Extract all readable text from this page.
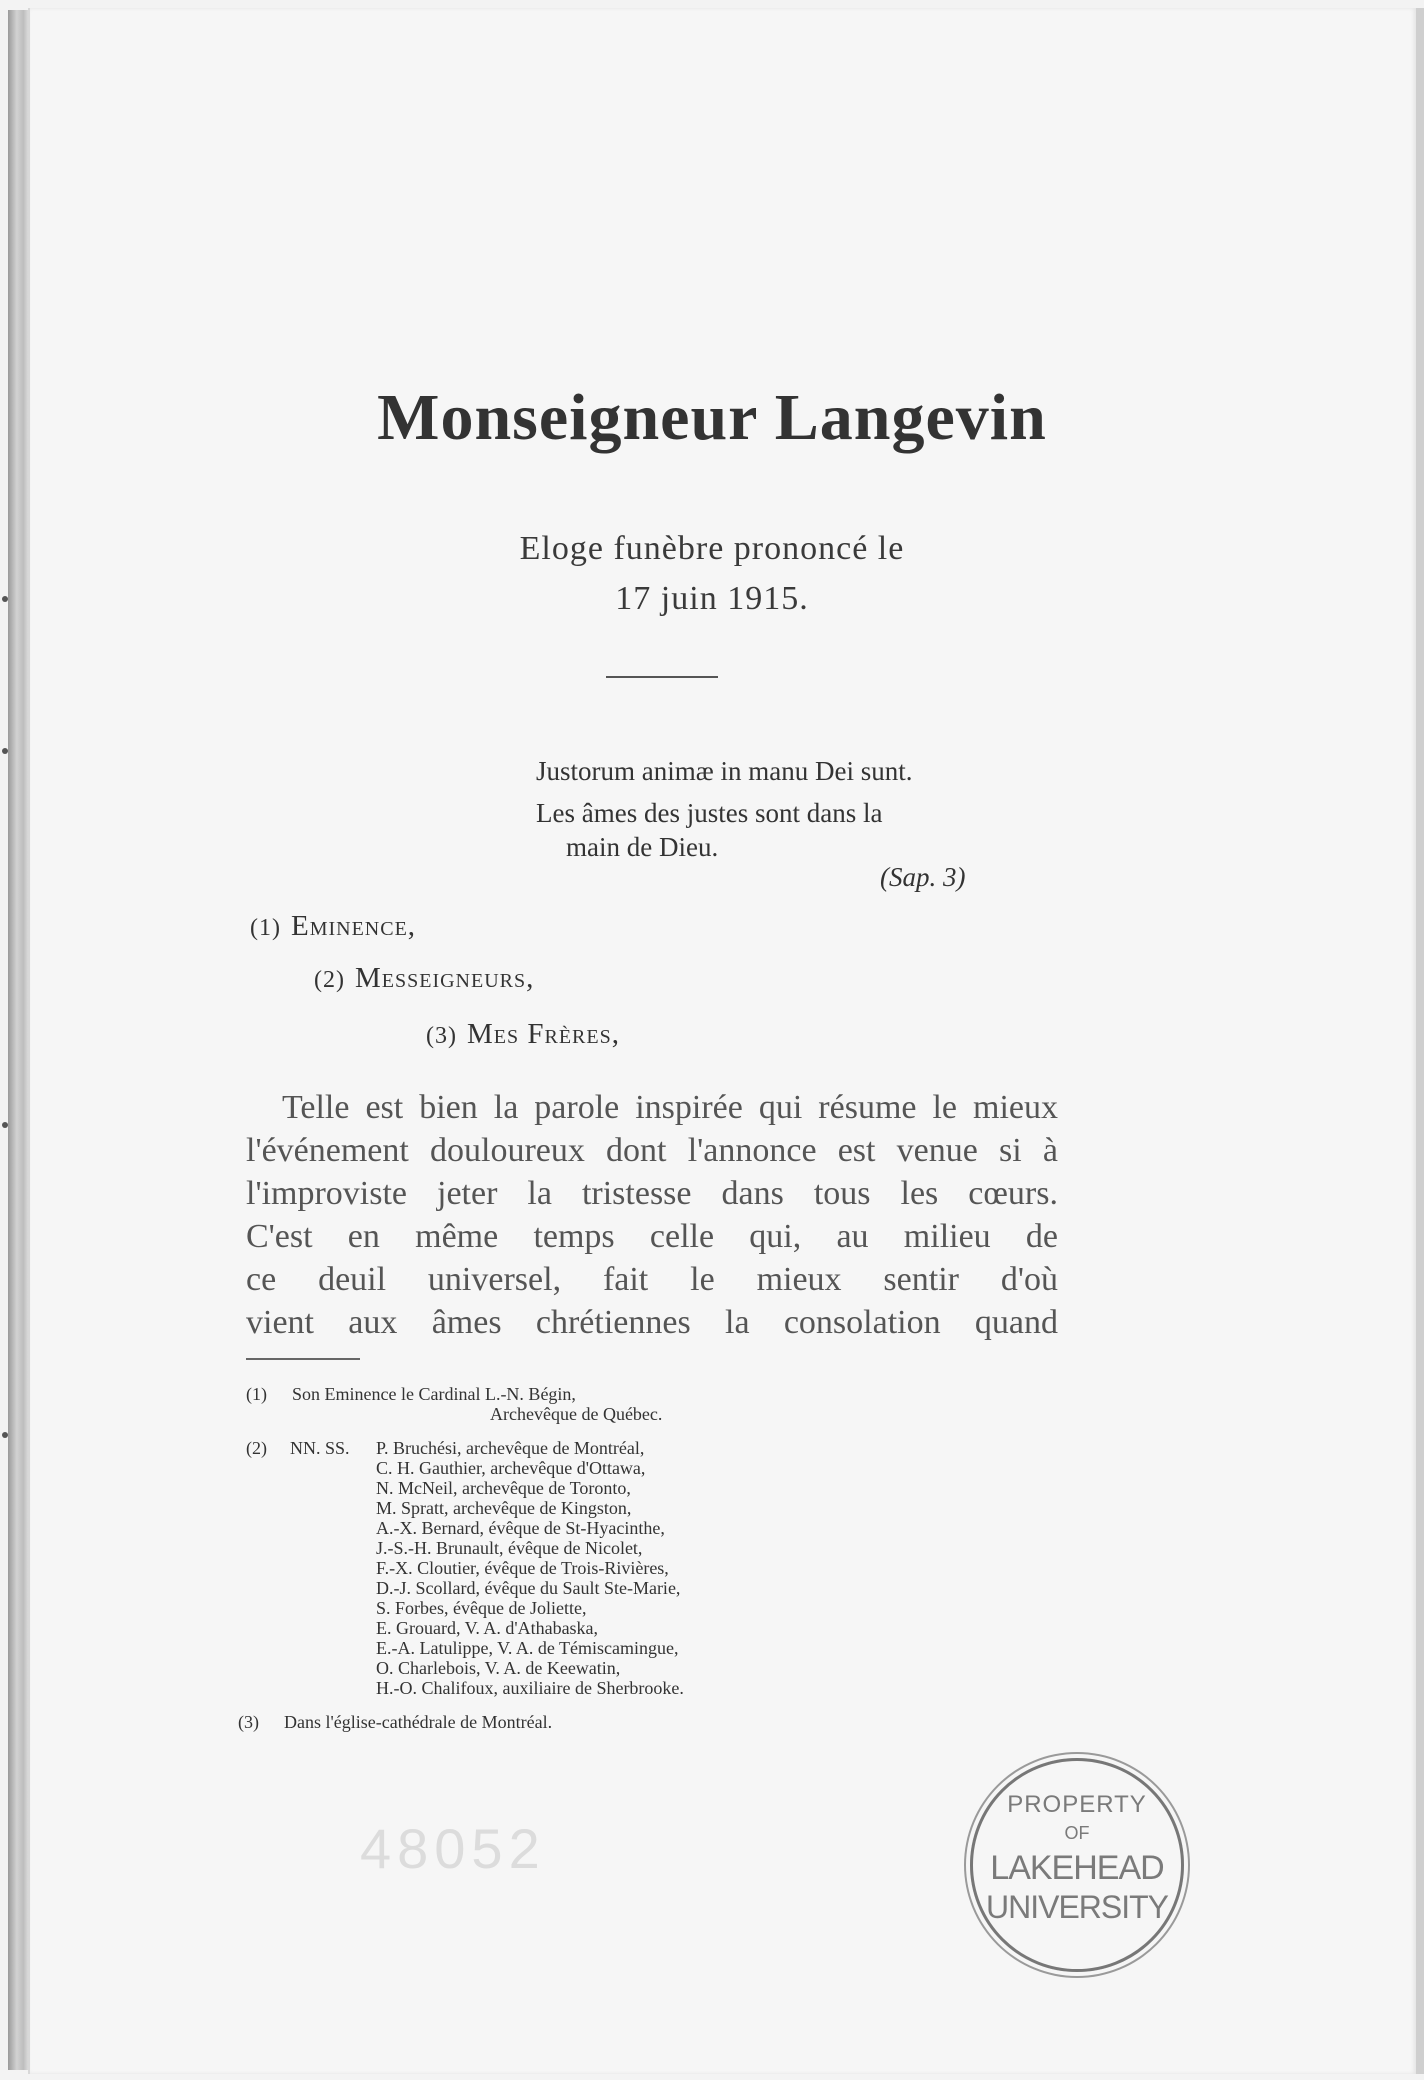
Monseigneur Langevin
Eloge funèbre prononcé le
17 juin 1915.
Justorum animæ in manu Dei sunt.
Les âmes des justes sont dans la
main de Dieu.
(Sap. 3)
(1) Eminence,
(2) Messeigneurs,
(3) Mes Frères,
Telle est bien la parole inspirée qui résume le mieux
l'événement douloureux dont l'annonce est venue si à
l'improviste jeter la tristesse dans tous les cœurs.
C'est en même temps celle qui, au milieu de
ce deuil universel, fait le mieux sentir d'où
vient aux âmes chrétiennes la consolation quand
(1) Son Eminence le Cardinal L.-N. Bégin,
Archevêque de Québec.
(2) NN. SS. P. Bruchési, archevêque de Montréal,
C. H. Gauthier, archevêque d'Ottawa,
N. McNeil, archevêque de Toronto,
M. Spratt, archevêque de Kingston,
A.-X. Bernard, évêque de St-Hyacinthe,
J.-S.-H. Brunault, évêque de Nicolet,
F.-X. Cloutier, évêque de Trois-Rivières,
D.-J. Scollard, évêque du Sault Ste-Marie,
S. Forbes, évêque de Joliette,
E. Grouard, V. A. d'Athabaska,
E.-A. Latulippe, V. A. de Témiscamingue,
O. Charlebois, V. A. de Keewatin,
H.-O. Chalifoux, auxiliaire de Sherbrooke.
(3) Dans l'église-cathédrale de Montréal.
48052
PROPERTY
OF
LAKEHEAD
UNIVERSITY
